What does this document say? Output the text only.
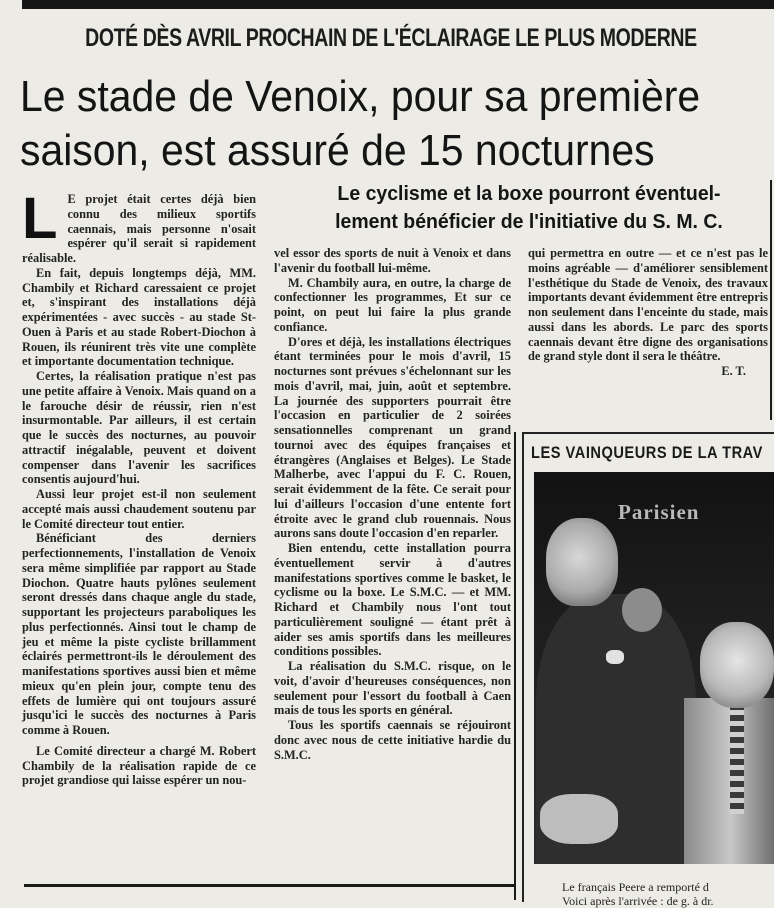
DOTÉ DÈS AVRIL PROCHAIN DE L'ÉCLAIRAGE LE PLUS MODERNE
Le stade de Venoix, pour sa première
saison, est assuré de 15 nocturnes
Le cyclisme et la boxe pourront éventuel-
lement bénéficier de l'initiative du S. M. C.

L E projet était certes déjà bien connu des milieux sportifs caennais, mais personne n'osait espérer qu'il serait si rapidement réalisable.

En fait, depuis longtemps déjà, MM. Chambily et Richard caressaient ce projet et, s'inspirant des installations déjà expérimentées - avec succès - au stade St-Ouen à Paris et au stade Robert-Diochon à Rouen, ils réunirent très vite une complète et importante documentation technique.

Certes, la réalisation pratique n'est pas une petite affaire à Venoix. Mais quand on a le farouche désir de réussir, rien n'est insurmontable. Par ailleurs, il est certain que le succès des nocturnes, au pouvoir attractif inégalable, peuvent et doivent compenser dans l'avenir les sacrifices consentis aujourd'hui.

Aussi leur projet est-il non seulement accepté mais aussi chaudement soutenu par le Comité directeur tout entier.

Bénéficiant des derniers perfectionnements, l'installation de Venoix sera même simplifiée par rapport au Stade Diochon. Quatre hauts pylônes seulement seront dressés dans chaque angle du stade, supportant les projecteurs paraboliques les plus perfectionnés. Ainsi tout le champ de jeu et même la piste cycliste brillamment éclairés permettront-ils le déroulement des manifestations sportives aussi bien et même mieux qu'en plein jour, compte tenu des effets de lumière qui ont toujours assuré jusqu'ici le succès des nocturnes à Paris comme à Rouen.

Le Comité directeur a chargé M. Robert Chambily de la réalisation rapide de ce projet grandiose qui laisse espérer un nou-

vel essor des sports de nuit à Venoix et dans l'avenir du football lui-même.

M. Chambily aura, en outre, la charge de confectionner les programmes, Et sur ce point, on peut lui faire la plus grande confiance.

D'ores et déjà, les installations électriques étant terminées pour le mois d'avril, 15 nocturnes sont prévues s'échelonnant sur les mois d'avril, mai, juin, août et septembre. La journée des supporters pourrait être l'occasion en particulier de 2 soirées sensationnelles comprenant un grand tournoi avec des équipes françaises et étrangères (Anglaises et Belges). Le Stade Malherbe, avec l'appui du F. C. Rouen, serait évidemment de la fête. Ce serait pour lui d'ailleurs l'occasion d'une entente fort étroite avec le grand club rouennais. Nous aurons sans doute l'occasion d'en reparler.

Bien entendu, cette installation pourra éventuellement servir à d'autres manifestations sportives comme le basket, le cyclisme ou la boxe. Le S.M.C. — et MM. Richard et Chambily nous l'ont tout particulièrement souligné — étant prêt à aider ses amis sportifs dans les meilleures conditions possibles.

La réalisation du S.M.C. risque, on le voit, d'avoir d'heureuses conséquences, non seulement pour l'essort du football à Caen mais de tous les sports en général.

Tous les sportifs caennais se réjouiront donc avec nous de cette initiative hardie du S.M.C.

qui permettra en outre — et ce n'est pas le moins agréable — d'améliorer sensiblement l'esthétique du Stade de Venoix, des travaux importants devant évidemment être entrepris non seulement dans l'enceinte du stade, mais aussi dans les abords. Le parc des sports caennais devant être digne des organisations de grand style dont il sera le théâtre.

E. T.

LES VAINQUEURS DE LA TRAV
Parisien
Le français Peere a remporté d
Voici après l'arrivée : de g. à dr.
